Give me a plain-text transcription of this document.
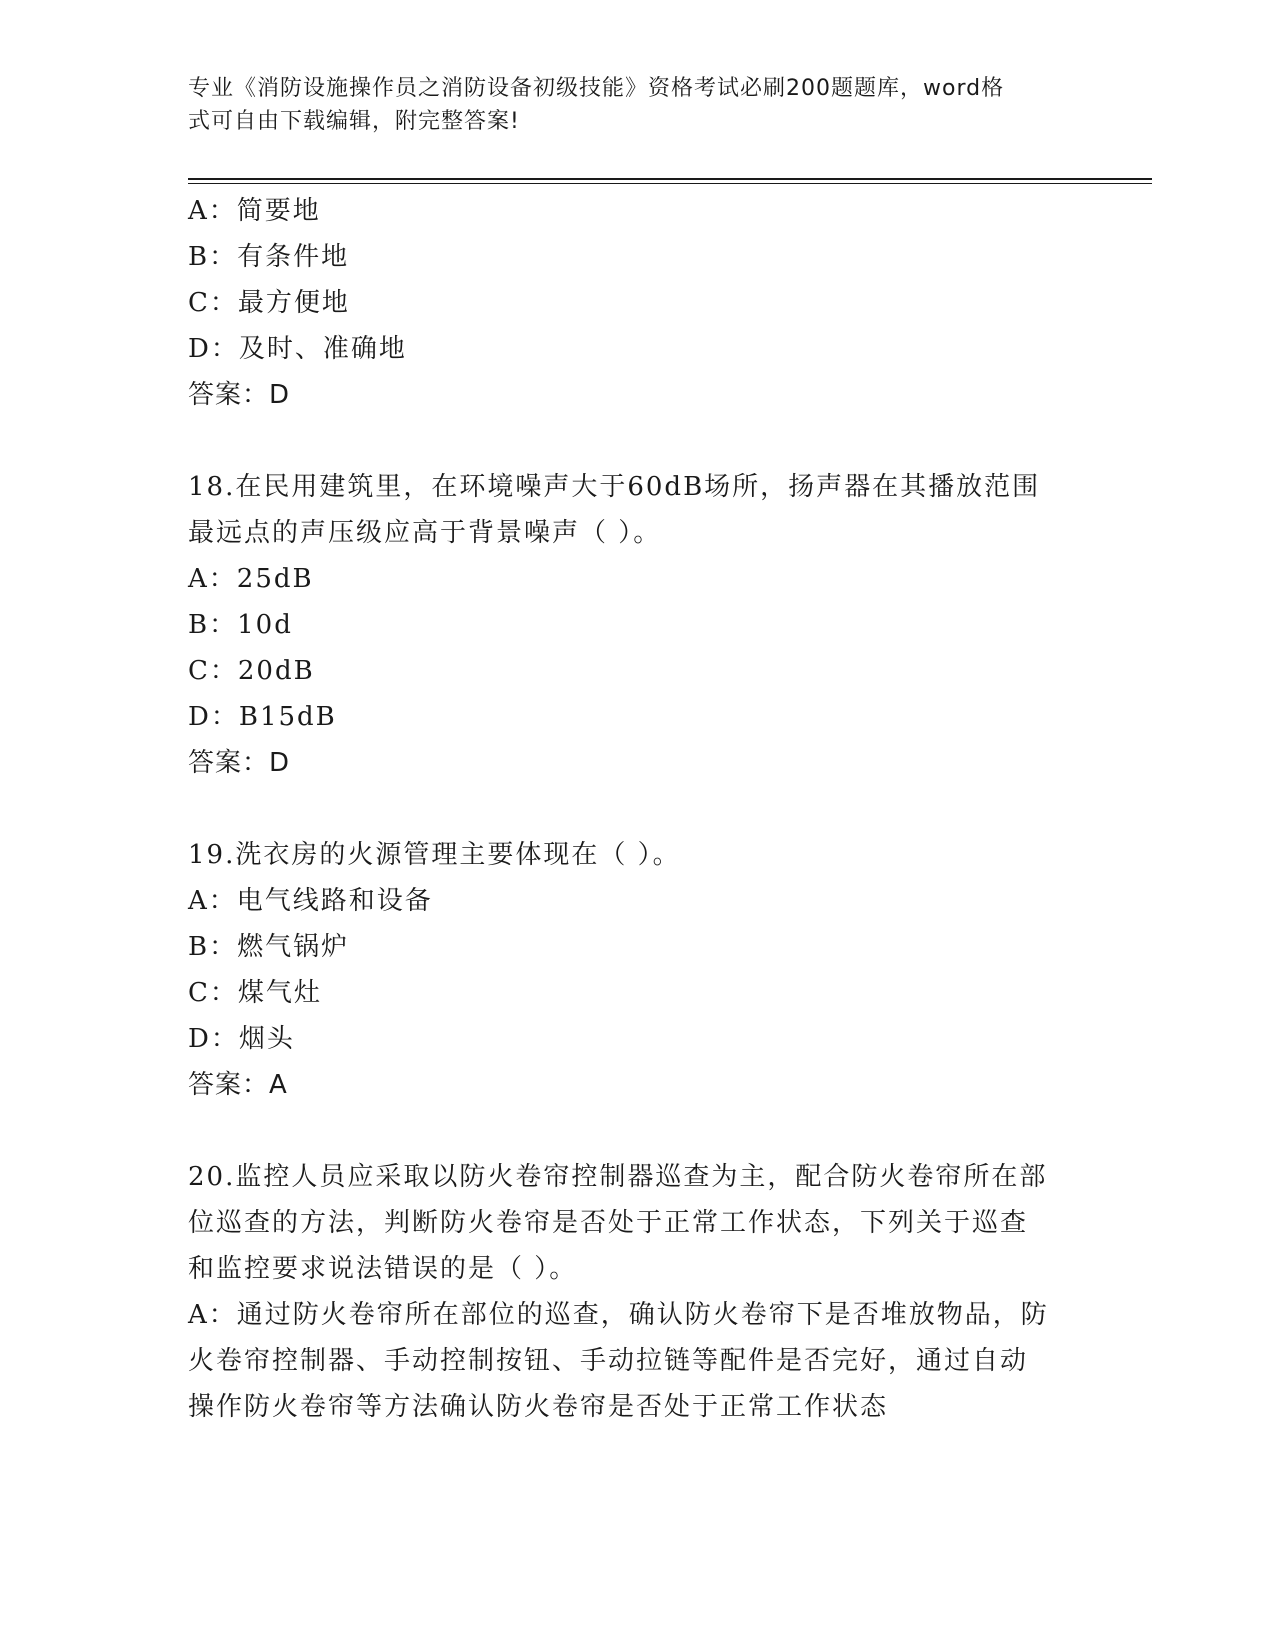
专业《消防设施操作员之消防设备初级技能》资格考试必刷200题题库，word格
式可自由下载编辑，附完整答案!
A：简要地
B：有条件地
C：最方便地
D：及时、准确地
答案：D
18.在民用建筑里，在环境噪声大于60dB场所，扬声器在其播放范围
最远点的声压级应高于背景噪声（ ）。
A：25dB
B：10d
C：20dB
D：B15dB
答案：D
19.洗衣房的火源管理主要体现在（ ）。
A：电气线路和设备
B：燃气锅炉
C：煤气灶
D：烟头
答案：A
20.监控人员应采取以防火卷帘控制器巡查为主，配合防火卷帘所在部
位巡查的方法，判断防火卷帘是否处于正常工作状态，下列关于巡查
和监控要求说法错误的是（ ）。
A：通过防火卷帘所在部位的巡查，确认防火卷帘下是否堆放物品，防
火卷帘控制器、手动控制按钮、手动拉链等配件是否完好，通过自动
操作防火卷帘等方法确认防火卷帘是否处于正常工作状态
